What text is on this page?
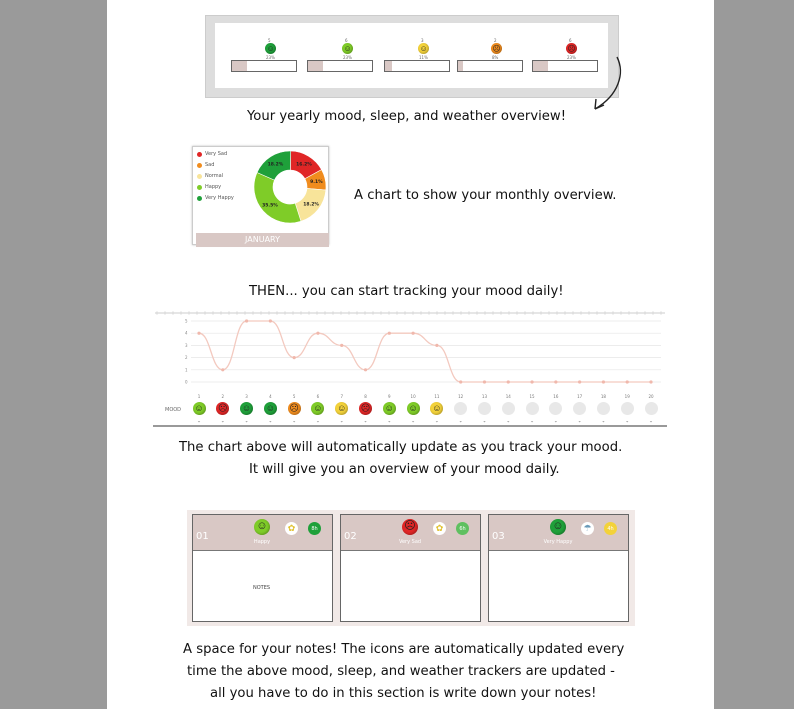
5
☺
23%
6
☺
23%
3
☺
11%
2
☹
8%
6
☹
23%
Your yearly mood, sleep, and weather overview!
Very Sad
Sad
Normal
Happy
Very Happy
16.2%
9.1%
18.2%
35.5%
18.2%
JANUARY
A chart to show your monthly overview.
THEN... you can start tracking your mood daily!
0
1
2
3
4
5
MOOD
1	2	3	4	5	6	7	8	9	10	11	12	13	14	15	16	17	18	19	20
The chart above will automatically update as you track your mood.
It will give you an overview of your mood daily.
01
☺
Happy
✿	8h
NOTES
02
☹
Very Sad
✿	6h
03
☺
Very Happy
☂	4h
A space for your notes! The icons are automatically updated every
time the above mood, sleep, and weather trackers are updated -
all you have to do in this section is write down your notes!
☺ ☹ ☺ ☺ ☹ ☺ ☺ ☹ ☺ ☺ ☺
